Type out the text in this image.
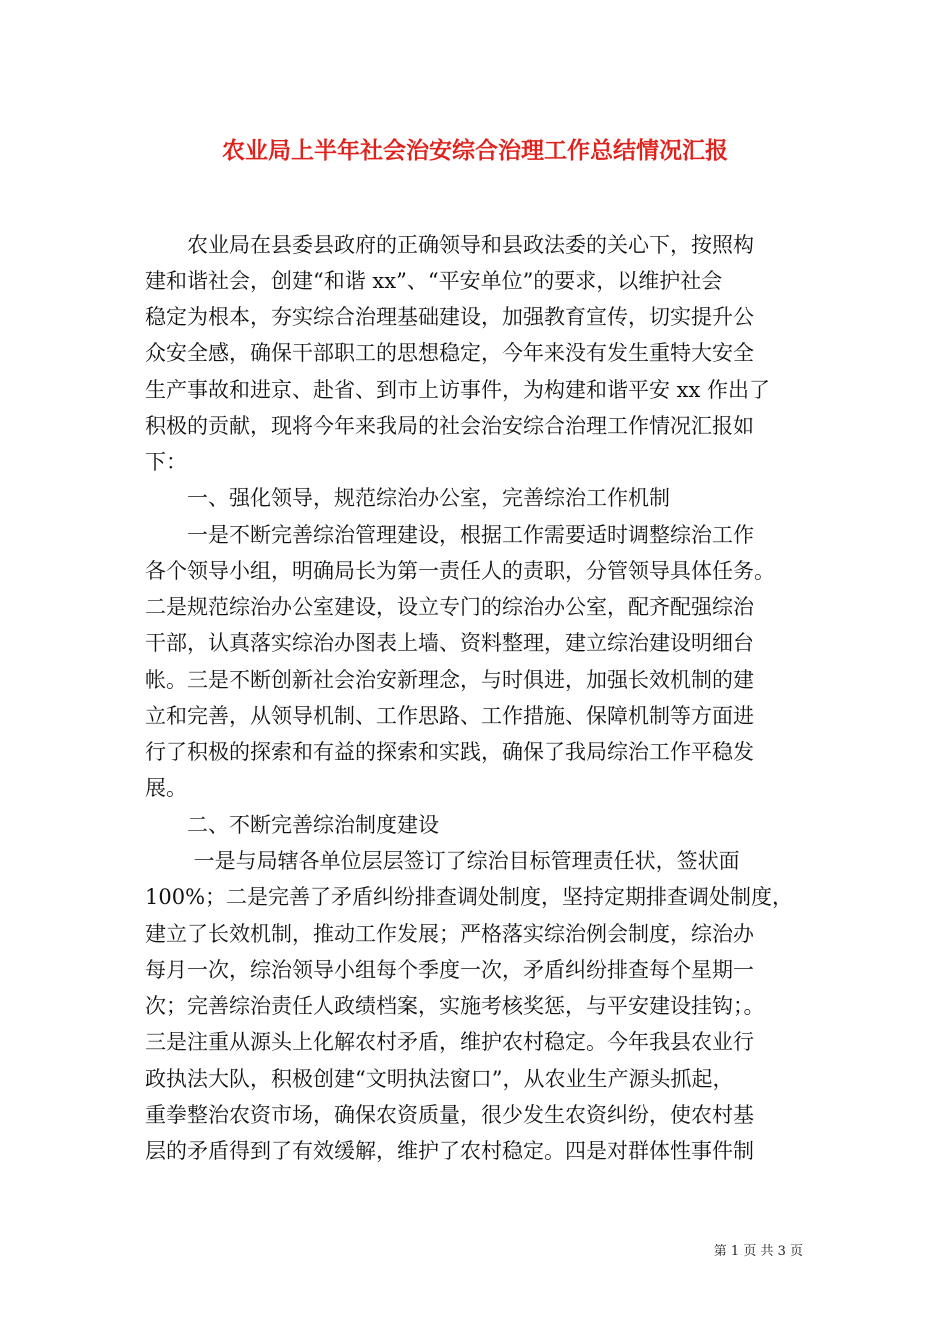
农业局上半年社会治安综合治理工作总结情况汇报
　　农业局在县委县政府的正确领导和县政法委的关心下，按照构
建和谐社会，创建“和谐 xx”、“平安单位”的要求，以维护社会
稳定为根本，夯实综合治理基础建设，加强教育宣传，切实提升公
众安全感，确保干部职工的思想稳定，今年来没有发生重特大安全
生产事故和进京、赴省、到市上访事件，为构建和谐平安 xx 作出了
积极的贡献，现将今年来我局的社会治安综合治理工作情况汇报如
下：
　　一、强化领导，规范综治办公室，完善综治工作机制
　　一是不断完善综治管理建设，根据工作需要适时调整综治工作
各个领导小组，明确局长为第一责任人的责职，分管领导具体任务。
二是规范综治办公室建设，设立专门的综治办公室，配齐配强综治
干部，认真落实综治办图表上墙、资料整理，建立综治建设明细台
帐。三是不断创新社会治安新理念，与时俱进，加强长效机制的建
立和完善，从领导机制、工作思路、工作措施、保障机制等方面进
行了积极的探索和有益的探索和实践，确保了我局综治工作平稳发
展。
　　二、不断完善综治制度建设
　　 一是与局辖各单位层层签订了综治目标管理责任状，签状面
100%；二是完善了矛盾纠纷排查调处制度，坚持定期排查调处制度，
建立了长效机制，推动工作发展；严格落实综治例会制度，综治办
每月一次，综治领导小组每个季度一次，矛盾纠纷排查每个星期一
次；完善综治责任人政绩档案，实施考核奖惩，与平安建设挂钩；。
三是注重从源头上化解农村矛盾，维护农村稳定。今年我县农业行
政执法大队，积极创建“文明执法窗口”，从农业生产源头抓起，
重拳整治农资市场，确保农资质量，很少发生农资纠纷，使农村基
层的矛盾得到了有效缓解，维护了农村稳定。四是对群体性事件制
第 1 页 共 3 页
